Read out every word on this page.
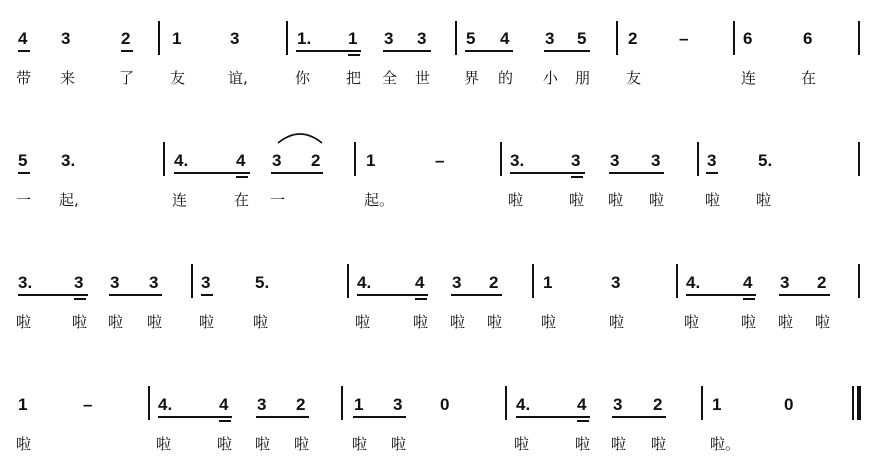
4 3	2 1	3	1. 1 3 3 5 4 3 5 2 –	6	6
带 来	了 友	谊,	你 把 全 世 界 的 小 朋 友	连	在
5 3.	4.	4 3 2	1	–	3.	3 3 3	3 5.
一 起,	连	在 一	起。	啦	啦 啦 啦	啦 啦
3. 3 3 3	3	5.	4.	4 3 2	1	3	4.	4 3 2
啦	啦 啦 啦 啦	啦	啦	啦 啦 啦	啦	啦	啦	啦 啦 啦
1	–	4.	4 3 2	1 3 0	4.	4 3 2	1	0
啦	啦	啦 啦 啦	啦 啦	啦	啦 啦 啦	啦。
